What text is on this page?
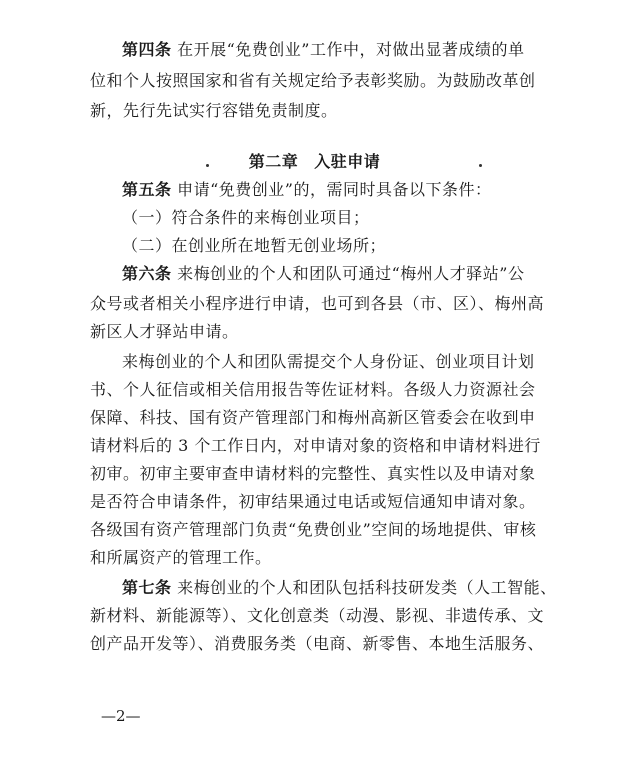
第四条 在开展“免费创业”工作中，对做出显著成绩的单
位和个人按照国家和省有关规定给予表彰奖励。为鼓励改革创
新，先行先试实行容错免责制度。
第二章 入驻申请
第五条 申请“免费创业”的，需同时具备以下条件：
（一）符合条件的来梅创业项目；
（二）在创业所在地暂无创业场所；
第六条 来梅创业的个人和团队可通过“梅州人才驿站”公
众号或者相关小程序进行申请，也可到各县（市、区）、梅州高
新区人才驿站申请。
来梅创业的个人和团队需提交个人身份证、创业项目计划
书、个人征信或相关信用报告等佐证材料。各级人力资源社会
保障、科技、国有资产管理部门和梅州高新区管委会在收到申
请材料后的 3 个工作日内，对申请对象的资格和申请材料进行
初审。初审主要审查申请材料的完整性、真实性以及申请对象
是否符合申请条件，初审结果通过电话或短信通知申请对象。
各级国有资产管理部门负责“免费创业”空间的场地提供、审核
和所属资产的管理工作。
第七条 来梅创业的个人和团队包括科技研发类（人工智能、
新材料、新能源等）、文化创意类（动漫、影视、非遗传承、文
创产品开发等）、消费服务类（电商、新零售、本地生活服务、
—2—
